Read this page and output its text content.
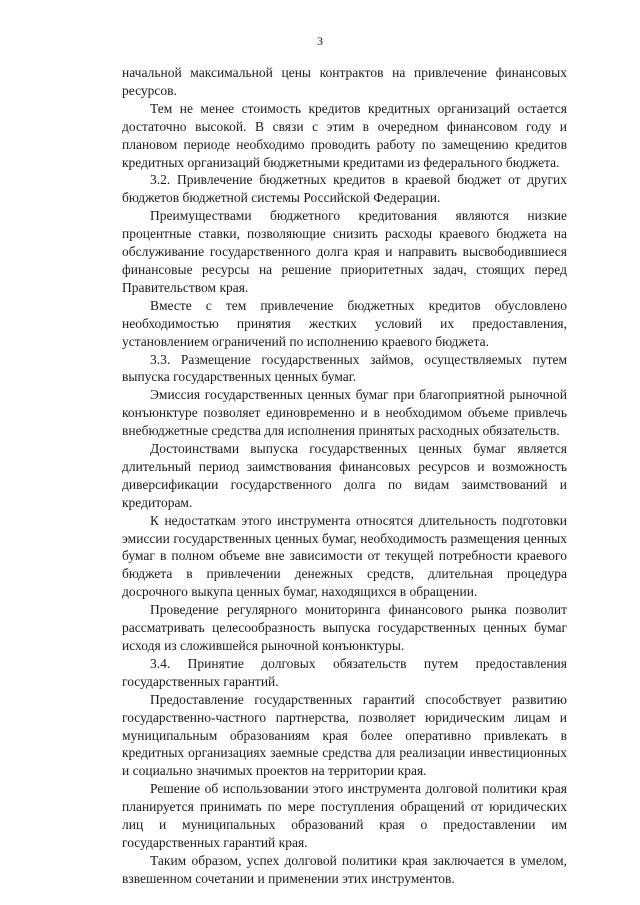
3

начальной максимальной цены контрактов на привлечение финансовых ресурсов.

Тем не менее стоимость кредитов кредитных организаций остается достаточно высокой. В связи с этим в очередном финансовом году и плановом периоде необходимо проводить работу по замещению кредитов кредитных организаций бюджетными кредитами из федерального бюджета.

3.2. Привлечение бюджетных кредитов в краевой бюджет от других бюджетов бюджетной системы Российской Федерации.

Преимуществами бюджетного кредитования являются низкие процентные ставки, позволяющие снизить расходы краевого бюджета на обслуживание государственного долга края и направить высвободившиеся финансовые ресурсы на решение приоритетных задач, стоящих перед Правительством края.

Вместе с тем привлечение бюджетных кредитов обусловлено необходимостью принятия жестких условий их предоставления, установлением ограничений по исполнению краевого бюджета.

3.3. Размещение государственных займов, осуществляемых путем выпуска государственных ценных бумаг.

Эмиссия государственных ценных бумаг при благоприятной рыночной конъюнктуре позволяет единовременно и в необходимом объеме привлечь внебюджетные средства для исполнения принятых расходных обязательств.

Достоинствами выпуска государственных ценных бумаг является длительный период заимствования финансовых ресурсов и возможность диверсификации государственного долга по видам заимствований и кредиторам.

К недостаткам этого инструмента относятся длительность подготовки эмиссии государственных ценных бумаг, необходимость размещения ценных бумаг в полном объеме вне зависимости от текущей потребности краевого бюджета в привлечении денежных средств, длительная процедура досрочного выкупа ценных бумаг, находящихся в обращении.

Проведение регулярного мониторинга финансового рынка позволит рассматривать целесообразность выпуска государственных ценных бумаг исходя из сложившейся рыночной конъюнктуры.

3.4. Принятие долговых обязательств путем предоставления государственных гарантий.

Предоставление государственных гарантий способствует развитию государственно-частного партнерства, позволяет юридическим лицам и муниципальным образованиям края более оперативно привлекать в кредитных организациях заемные средства для реализации инвестиционных и социально значимых проектов на территории края.

Решение об использовании этого инструмента долговой политики края планируется принимать по мере поступления обращений от юридических лиц и муниципальных образований края о предоставлении им государственных гарантий края.

Таким образом, успех долговой политики края заключается в умелом, взвешенном сочетании и применении этих инструментов.
